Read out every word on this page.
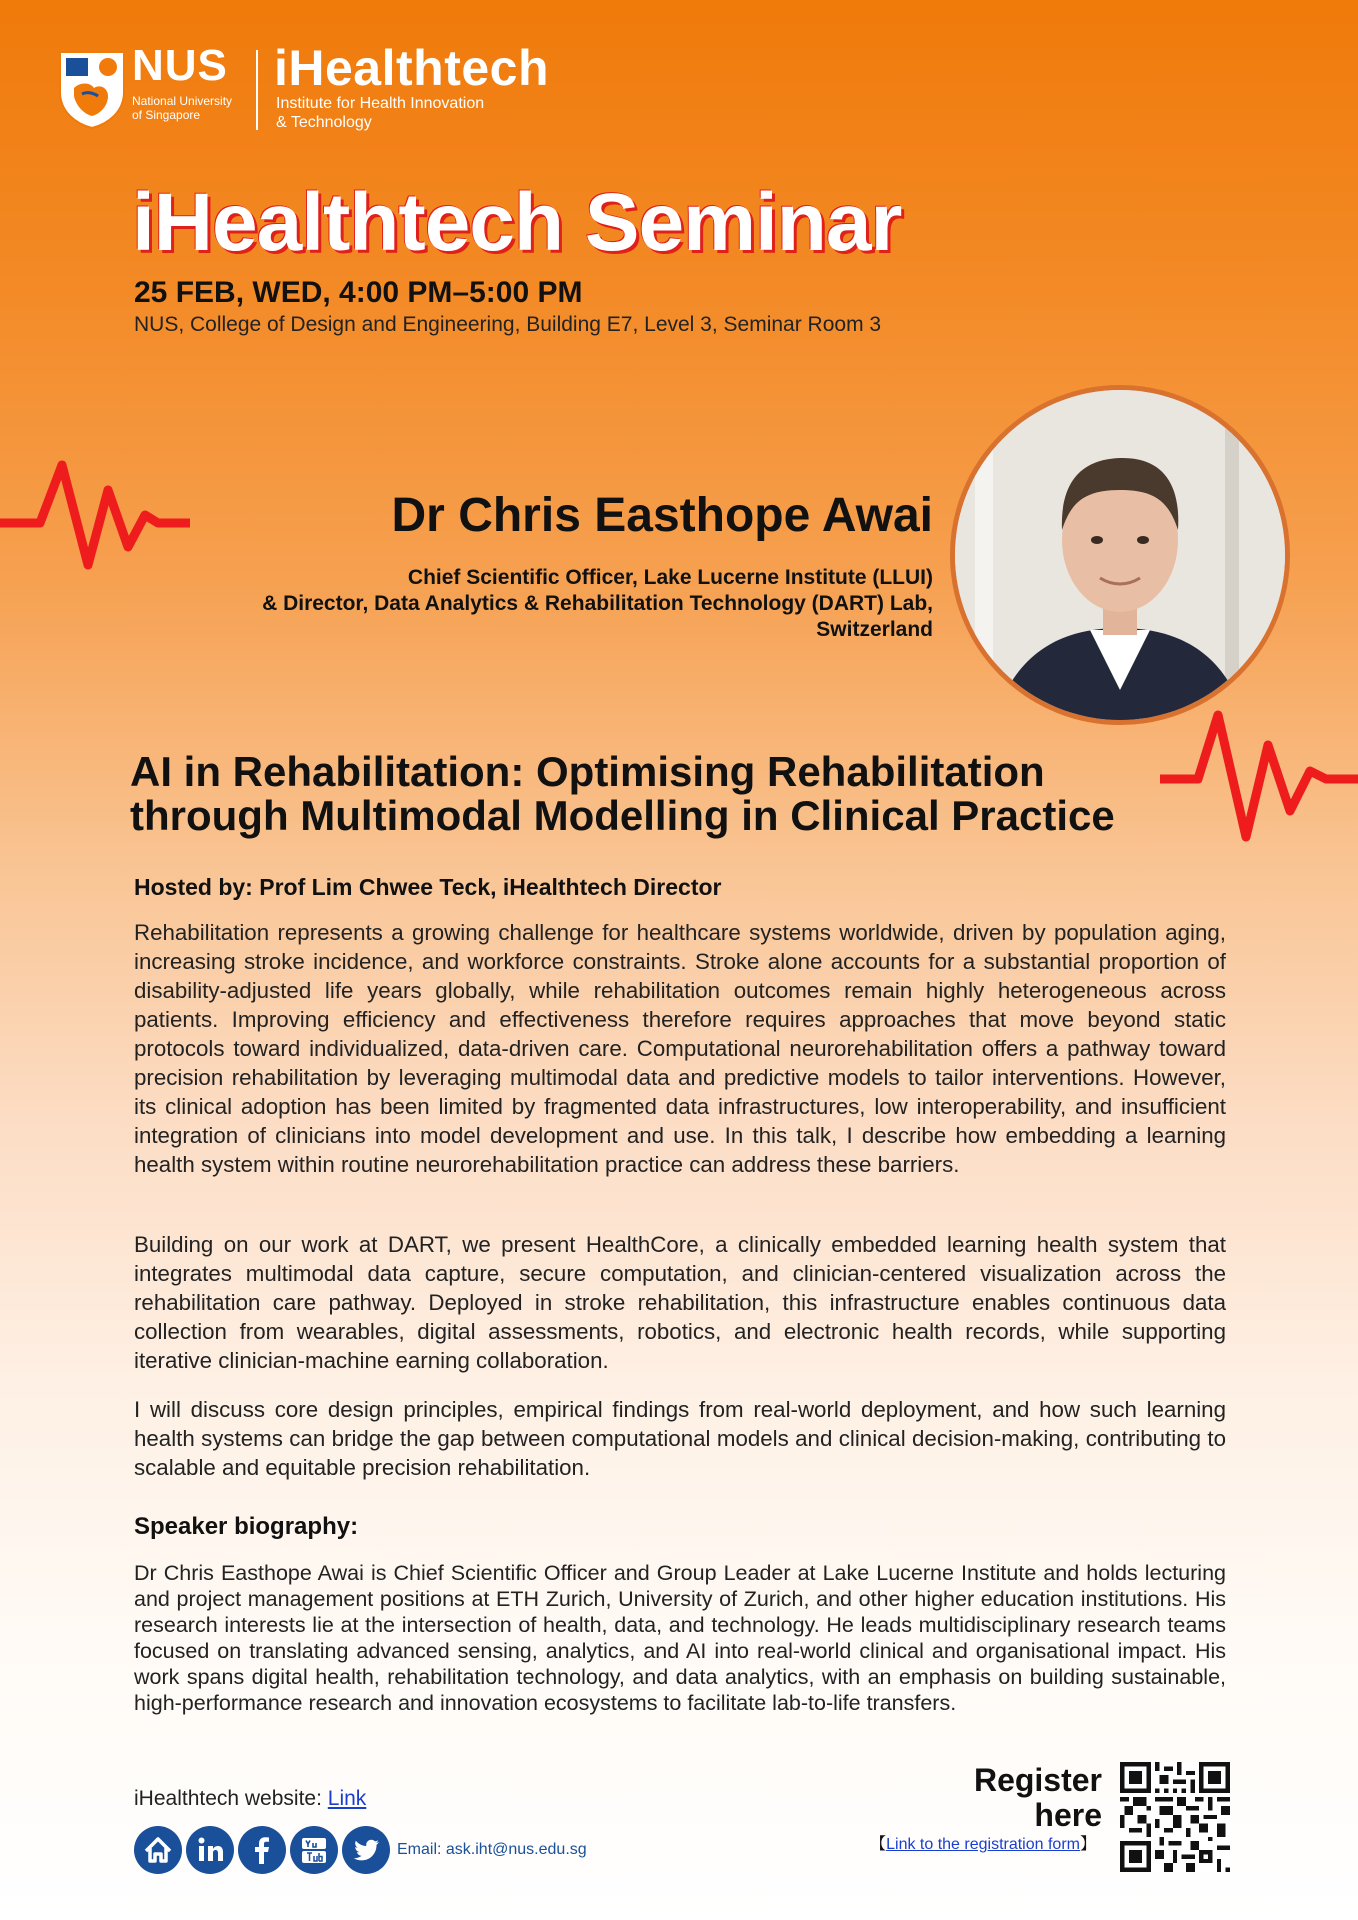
NUS
National University
of Singapore
iHealthtech
Institute for Health Innovation
& Technology
iHealthtech Seminar
25 FEB, WED, 4:00 PM–5:00 PM
NUS, College of Design and Engineering, Building E7, Level 3, Seminar Room 3
Dr Chris Easthope Awai
Chief Scientific Officer, Lake Lucerne Institute (LLUI)
& Director, Data Analytics & Rehabilitation Technology (DART) Lab,
Switzerland
AI in Rehabilitation: Optimising Rehabilitation through Multimodal Modelling in Clinical Practice
Hosted by: Prof Lim Chwee Teck, iHealthtech Director

Rehabilitation represents a growing challenge for healthcare systems worldwide, driven by population aging, increasing stroke incidence, and workforce constraints. Stroke alone accounts for a substantial proportion of disability-adjusted life years globally, while rehabilitation outcomes remain highly heterogeneous across patients. Improving efficiency and effectiveness therefore requires approaches that move beyond static protocols toward individualized, data-driven care. Computational neurorehabilitation offers a pathway toward precision rehabilitation by leveraging multimodal data and predictive models to tailor interventions. However, its clinical adoption has been limited by fragmented data infrastructures, low interoperability, and insufficient integration of clinicians into model development and use. In this talk, I describe how embedding a learning health system within routine neurorehabilitation practice can address these barriers.

Building on our work at DART, we present HealthCore, a clinically embedded learning health system that integrates multimodal data capture, secure computation, and clinician-centered visualization across the rehabilitation care pathway. Deployed in stroke rehabilitation, this infrastructure enables continuous data collection from wearables, digital assessments, robotics, and electronic health records, while supporting iterative clinician-machine earning collaboration.

I will discuss core design principles, empirical findings from real-world deployment, and how such learning health systems can bridge the gap between computational models and clinical decision-making, contributing to scalable and equitable precision rehabilitation.

Speaker biography:

Dr Chris Easthope Awai is Chief Scientific Officer and Group Leader at Lake Lucerne Institute and holds lecturing and project management positions at ETH Zurich, University of Zurich, and other higher education institutions. His research interests lie at the intersection of health, data, and technology. He leads multidisciplinary research teams focused on translating advanced sensing, analytics, and AI into real-world clinical and organisational impact. His work spans digital health, rehabilitation technology, and data analytics, with an emphasis on building sustainable, high-performance research and innovation ecosystems to facilitate lab-to-life transfers.

iHealthtech website: Link
Email: ask.iht@nus.edu.sg
Register
here
【Link to the registration form】
